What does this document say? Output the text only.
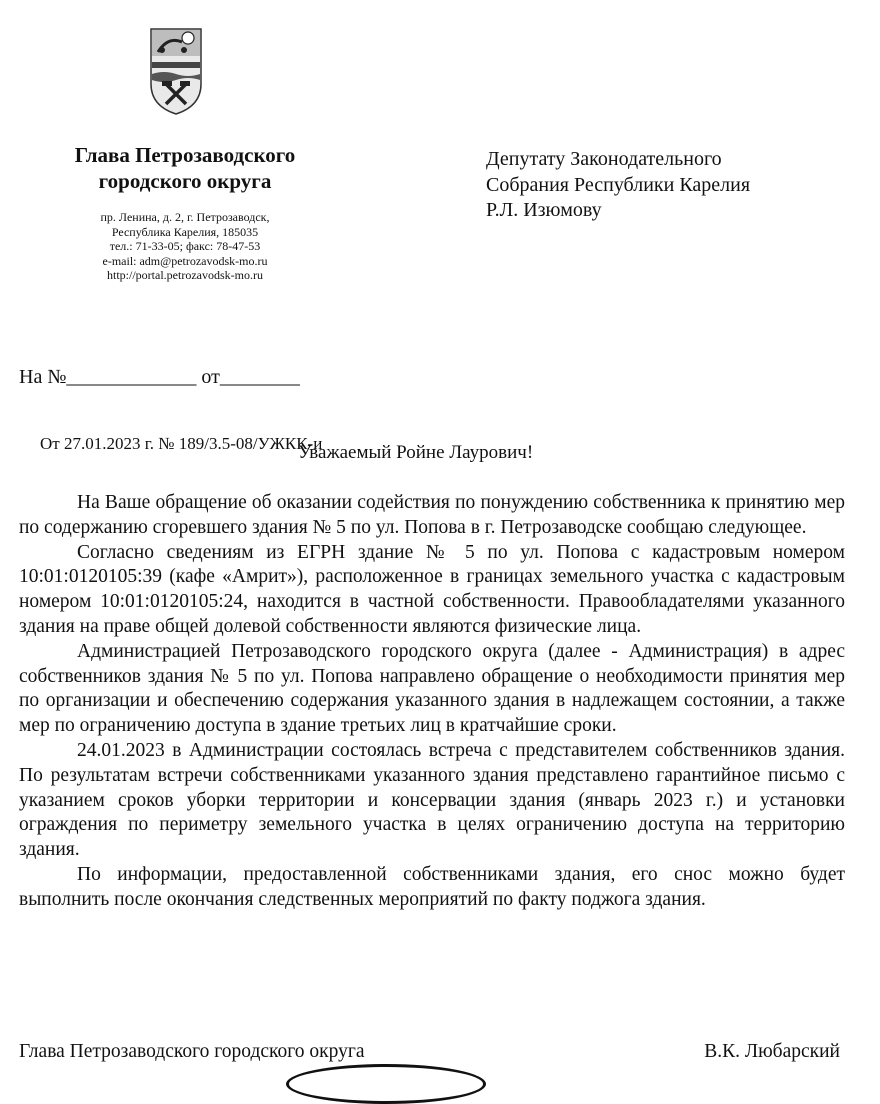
Глава Петрозаводского
городского округа
пр. Ленина, д. 2, г. Петрозаводск,
Республика Карелия, 185035
тел.: 71-33-05; факс: 78-47-53
e-mail: adm@petrozavodsk-mo.ru
http://portal.petrozavodsk-mo.ru
Депутату Законодательного
Собрания Республики Карелия
Р.Л. Изюмову
На №_____________ от________
От 27.01.2023 г. № 189/3.5-08/УЖКК-и
Уважаемый Ройне Лаурович!

На Ваше обращение об оказании содействия по понуждению собственника к принятию мер по содержанию сгоревшего здания № 5 по ул. Попова в г. Петрозаводске сообщаю следующее.

Согласно сведениям из ЕГРН здание № 5 по ул. Попова с кадастровым номером 10:01:0120105:39 (кафе «Амрит»), расположенное в границах земельного участка с кадастровым номером 10:01:0120105:24, находится в частной собственности. Правообладателями указанного здания на праве общей долевой собственности являются физические лица.

Администрацией Петрозаводского городского округа (далее - Администрация) в адрес собственников здания № 5 по ул. Попова направлено обращение о необходимости принятия мер по организации и обеспечению содержания указанного здания в надлежащем состоянии, а также мер по ограничению доступа в здание третьих лиц в кратчайшие сроки.

24.01.2023 в Администрации состоялась встреча с представителем собственников здания. По результатам встречи собственниками указанного здания представлено гарантийное письмо с указанием сроков уборки территории и консервации здания (январь 2023 г.) и установки ограждения по периметру земельного участка в целях ограничению доступа на территорию здания.

По информации, предоставленной собственниками здания, его снос можно будет выполнить после окончания следственных мероприятий по факту поджога здания.

Глава Петрозаводского городского округа	В.К. Любарский
